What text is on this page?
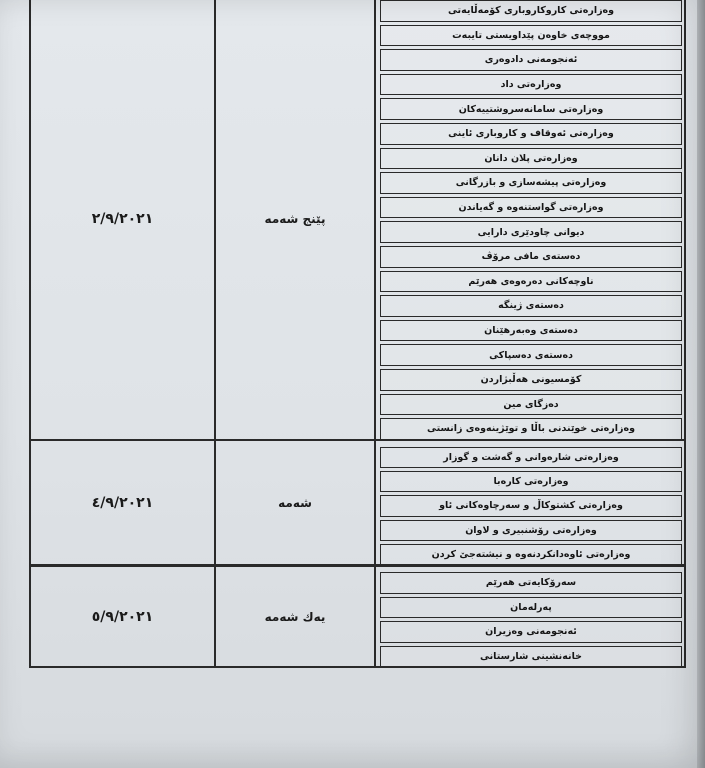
٢/٩/٢٠٢١	پێنج شەمە
وەزارەتی كاروكاروباری كۆمەڵایەتی
مووچەی خاوەن پێداویستی تایبەت
ئەنجومەنی دادوەری
وەزارەتی داد
وەزارەتی سامانەسروشتییەكان
وەزارەتی ئەوقاف و كاروباری ئاینی
وەزارەتی پلان دانان
وەزارەتی پیشەسازی و بازرگانی
وەزارەتی گواستنەوە و گەیاندن
دیوانی چاودێری دارایی
دەستەی مافی مرۆڤ
ناوچەكانی دەرەوەی هەرێم
دەستەی ژینگە
دەستەی وەبەرهێنان
دەستەی دەسپاكی
كۆمسیونی هەڵبژاردن
دەزگای مین
وەزارەتی خوێندنی باڵا و توێژینەوەی زانستی
٤/٩/٢٠٢١	شەمە
وەزارەتی شارەوانی و گەشت و گوزار
وەزارەتی كارەبا
وەزارەتی كشتوكاڵ و سەرچاوەكانی ئاو
وەزارەتی رۆشنبیری و لاوان
وەزارەتی ئاوەدانكردنەوە و نیشتەجێ كردن
٥/٩/٢٠٢١	یەك شەمە
سەرۆكایەتی هەرێم
پەرلەمان
ئەنجومەنی وەزیران
خانەنشینی شارستانی
